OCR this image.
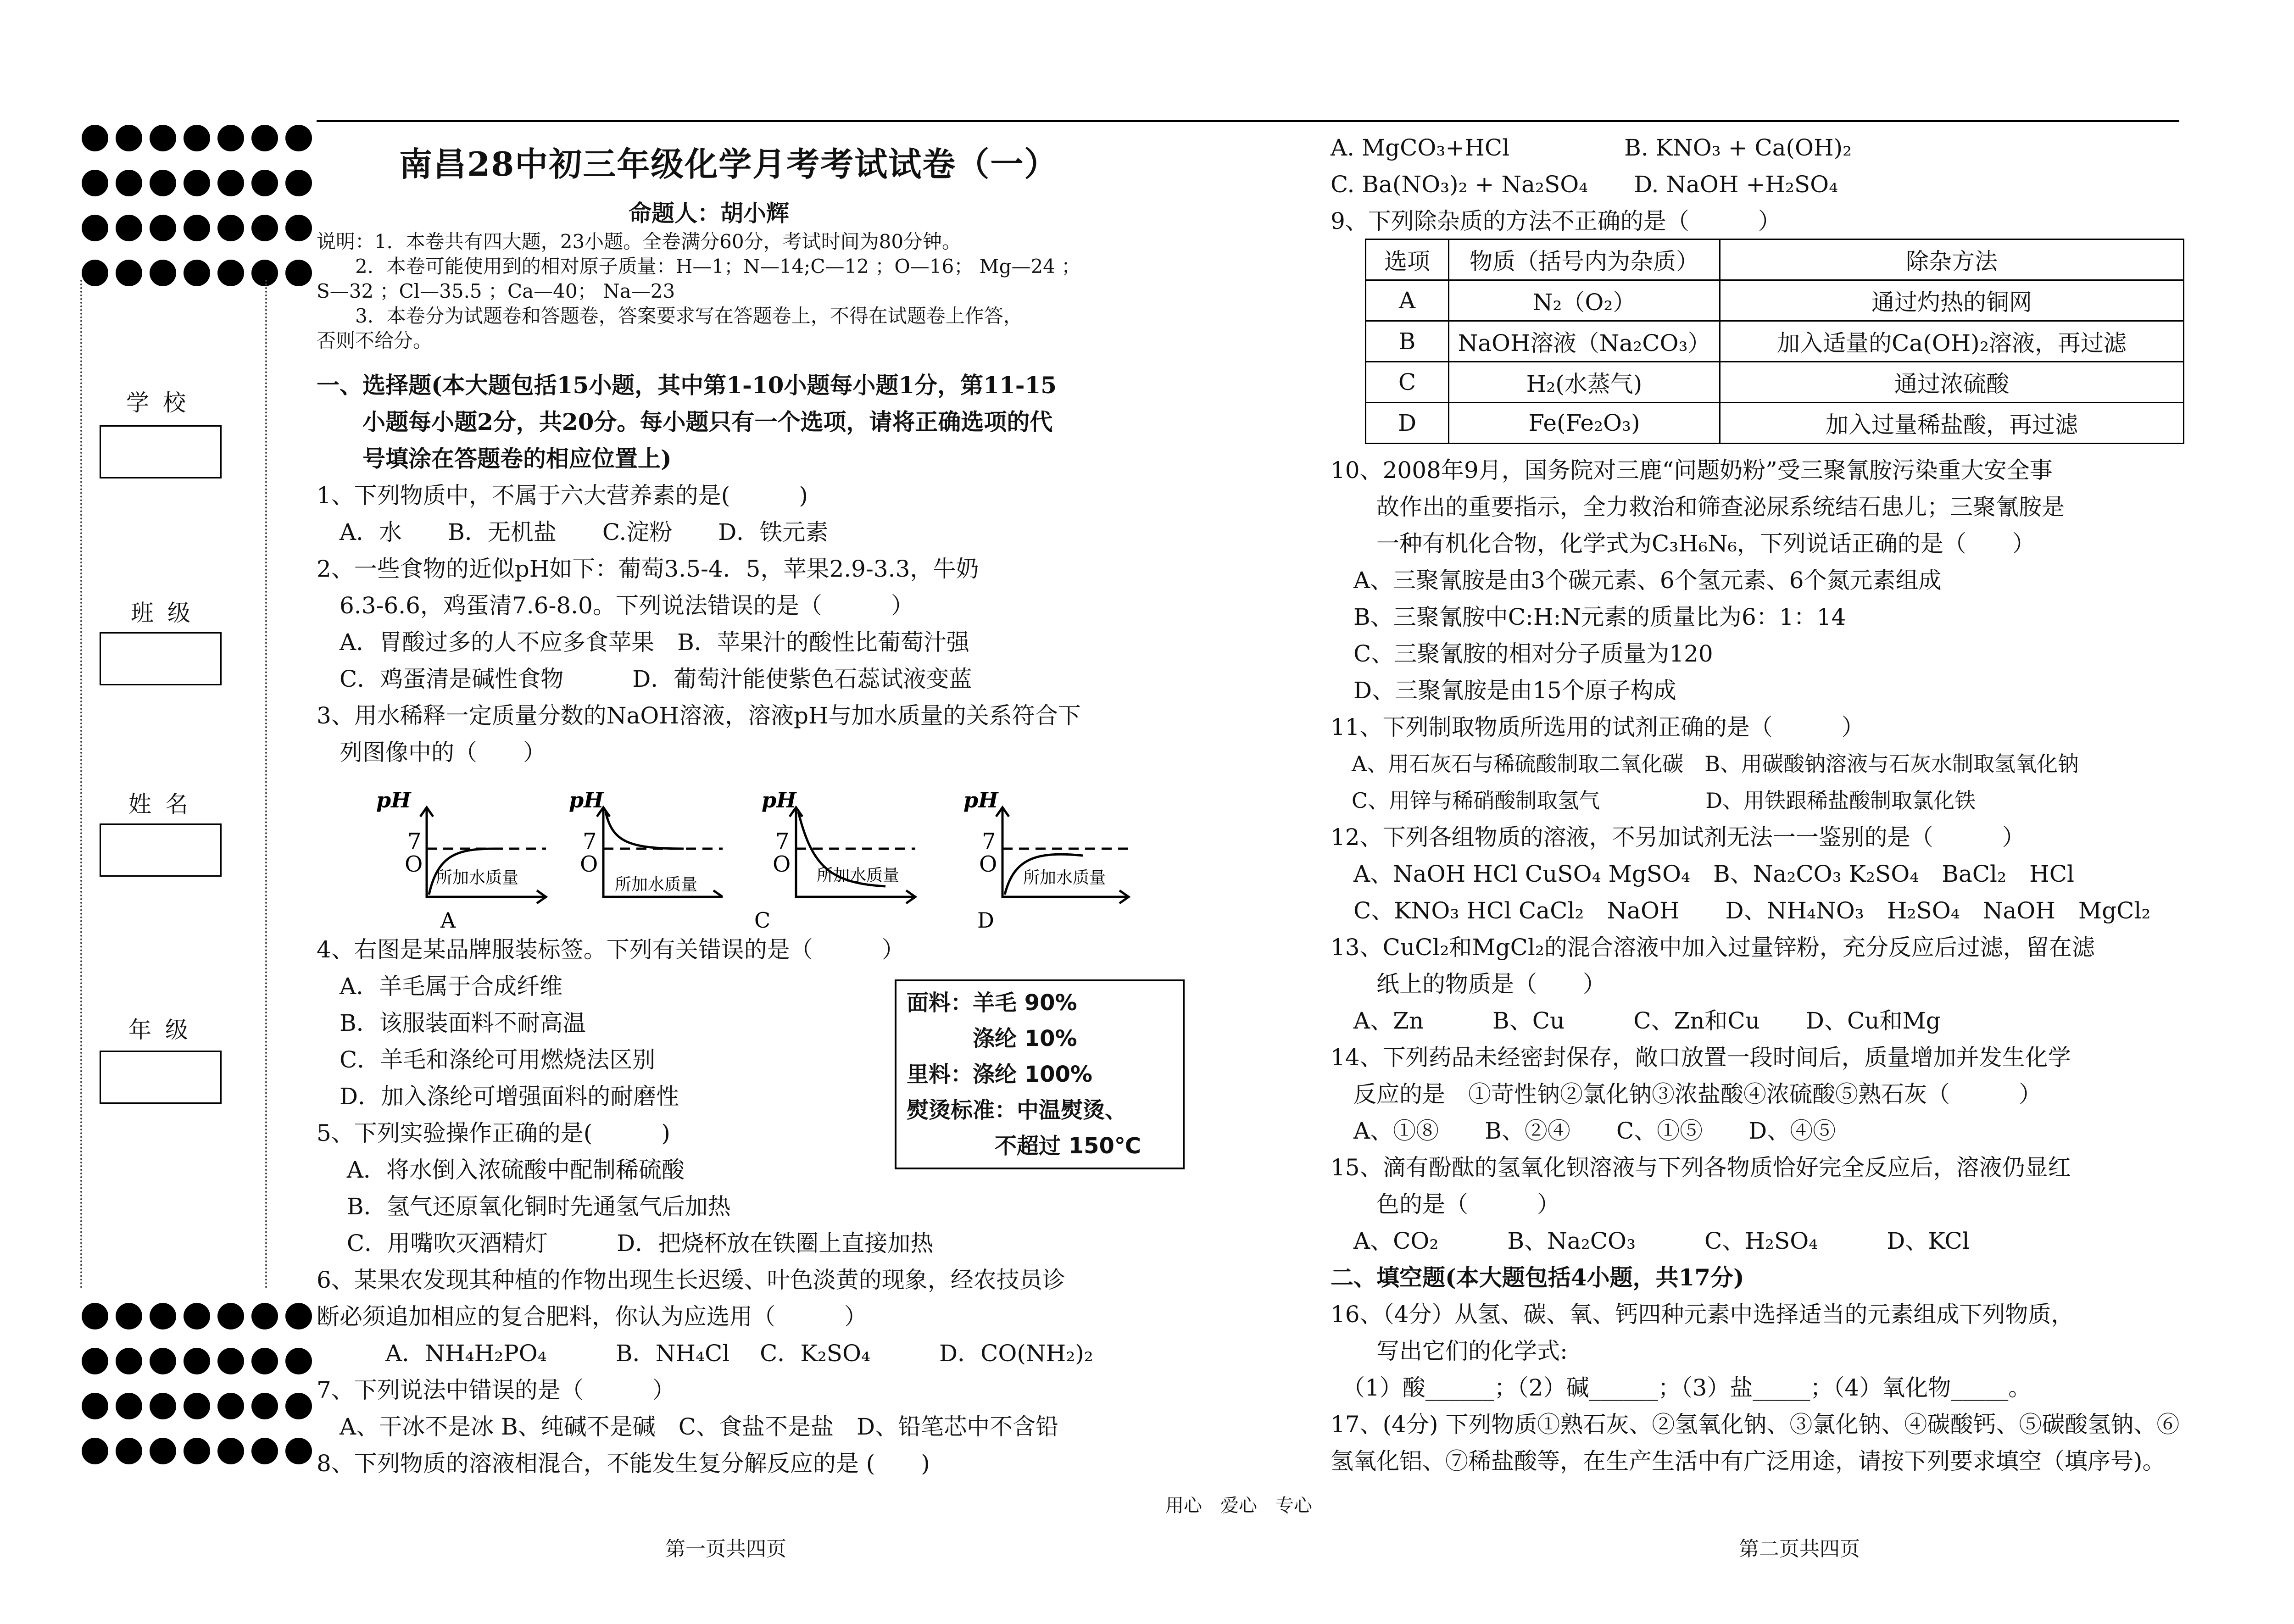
学校
班级
姓名
年级
南昌28中初三年级化学月考考试试卷（一）
命题人：胡小辉
说明：1．本卷共有四大题，23小题。全卷满分60分，考试时间为80分钟。
　　2．本卷可能使用到的相对原子质量：H—1；N—14;C—12 ；O—16； Mg—24 ；
S—32 ；Cl—35.5 ；Ca—40； Na—23
　　3．本卷分为试题卷和答题卷，答案要求写在答题卷上，不得在试题卷上作答，
否则不给分。
一、选择题(本大题包括15小题，其中第1-10小题每小题1分，第11-15
　　小题每小题2分，共20分。每小题只有一个选项，请将正确选项的代
　　号填涂在答题卷的相应位置上)
1、下列物质中，不属于六大营养素的是(　　　)
　A．水　　B．无机盐　　C.淀粉　　D．铁元素
2、一些食物的近似pH如下：葡萄3.5-4．5，苹果2.9-3.3，牛奶
　6.3-6.6，鸡蛋清7.6-8.0。下列说法错误的是（　　　）
　A．胃酸过多的人不应多食苹果　B．苹果汁的酸性比葡萄汁强
　C．鸡蛋清是碱性食物　　　D．葡萄汁能使紫色石蕊试液变蓝
3、用水稀释一定质量分数的NaOH溶液，溶液pH与加水质量的关系符合下
　列图像中的（　　）
pH
7
O
所加水质量
A
pH
7
O
所加水质量
pH
7
O 所加水质量
C
pH
7
O
所加水质量
D
4、右图是某品牌服装标签。下列有关错误的是（　　　）
　A．羊毛属于合成纤维
　B．该服装面料不耐高温
　C．羊毛和涤纶可用燃烧法区别
　D．加入涤纶可增强面料的耐磨性
5、下列实验操作正确的是(　　　)
　 A．将水倒入浓硫酸中配制稀硫酸
　 B．氢气还原氧化铜时先通氢气后加热
　 C．用嘴吹灭酒精灯　　　D．把烧杯放在铁圈上直接加热
6、某果农发现其种植的作物出现生长迟缓、叶色淡黄的现象，经农技员诊
断必须追加相应的复合肥料，你认为应选用（　　　）
　　　A．NH₄H₂PO₄　　　B．NH₄Cl　 C．K₂SO₄　　　D．CO(NH₂)₂
7、下列说法中错误的是（　　　）
　A、干冰不是冰 B、纯碱不是碱　C、食盐不是盐　D、铅笔芯中不含铅
8、下列物质的溶液相混合，不能发生复分解反应的是 (　　)
面料：羊毛 90%
　　　涤纶 10%
里料：涤纶 100%
熨烫标准：中温熨烫、
　　　　不超过 150℃
A. MgCO₃+HCl　　　　　B. KNO₃ + Ca(OH)₂
C. Ba(NO₃)₂ + Na₂SO₄　　D. NaOH +H₂SO₄
9、下列除杂质的方法不正确的是（　　　）
选项	物质（括号内为杂质）	除杂方法
A	N₂（O₂）	通过灼热的铜网
B	NaOH溶液（Na₂CO₃）	加入适量的Ca(OH)₂溶液，再过滤
C	H₂(水蒸气)	通过浓硫酸
D	Fe(Fe₂O₃)	加入过量稀盐酸，再过滤
10、2008年9月，国务院对三鹿“问题奶粉”受三聚氰胺污染重大安全事
　　故作出的重要指示，全力救治和筛查泌尿系统结石患儿；三聚氰胺是
　　一种有机化合物，化学式为C₃H₆N₆，下列说话正确的是（　　）
　A、三聚氰胺是由3个碳元素、6个氢元素、6个氮元素组成
　B、三聚氰胺中C:H:N元素的质量比为6：1：14
　C、三聚氰胺的相对分子质量为120
　D、三聚氰胺是由15个原子构成
11、下列制取物质所选用的试剂正确的是（　　　）
　A、用石灰石与稀硫酸制取二氧化碳　B、用碳酸钠溶液与石灰水制取氢氧化钠
　C、用锌与稀硝酸制取氢气　　　　　D、用铁跟稀盐酸制取氯化铁
12、下列各组物质的溶液，不另加试剂无法一一鉴别的是（　　　）
　A、NaOH HCl CuSO₄ MgSO₄　B、Na₂CO₃ K₂SO₄　BaCl₂　HCl
　C、KNO₃ HCl CaCl₂　NaOH　　D、NH₄NO₃　H₂SO₄　NaOH　MgCl₂
13、CuCl₂和MgCl₂的混合溶液中加入过量锌粉，充分反应后过滤，留在滤
　　纸上的物质是（　　）
　A、Zn　　　B、Cu　　　C、Zn和Cu　　D、Cu和Mg
14、下列药品未经密封保存，敞口放置一段时间后，质量增加并发生化学
　反应的是　①苛性钠②氯化钠③浓盐酸④浓硫酸⑤熟石灰（　　　）
　A、①⑧　　B、②④　　C、①⑤　　D、④⑤
15、滴有酚酞的氢氧化钡溶液与下列各物质恰好完全反应后，溶液仍显红
　　色的是（　　　）
　A、CO₂　　　B、Na₂CO₃　　　C、H₂SO₄　　　D、KCl
二、填空题(本大题包括4小题，共17分)
16、（4分）从氢、碳、氧、钙四种元素中选择适当的元素组成下列物质，
　　写出它们的化学式:
　（1）酸______；（2）碱______；（3）盐_____；（4）氧化物_____。
17、(4分) 下列物质①熟石灰、②氢氧化钠、③氯化钠、④碳酸钙、⑤碳酸氢钠、⑥
氢氧化铝、⑦稀盐酸等，在生产生活中有广泛用途，请按下列要求填空（填序号)。
用心　爱心　专心
第一页共四页	第二页共四页
